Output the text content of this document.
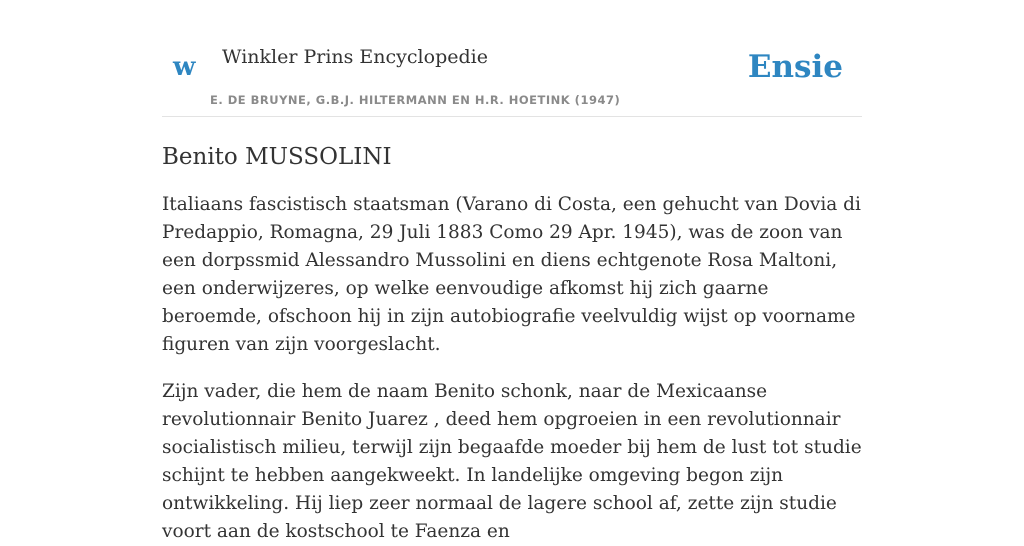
w Winkler Prins Encyclopedie
E. DE BRUYNE, G.B.J. HILTERMANN EN H.R. HOETINK (1947)
Ensie
Benito MUSSOLINI

Italiaans fascistisch staatsman (Varano di Costa, een gehucht van Dovia di Predappio, Romagna, 29 Juli 1883 Como 29 Apr. 1945), was de zoon van een dorpssmid Alessandro Mussolini en diens echtgenote Rosa Maltoni, een onderwijzeres, op welke eenvoudige afkomst hij zich gaarne beroemde, ofschoon hij in zijn autobiografie veelvuldig wijst op voorname figuren van zijn voorgeslacht.

Zijn vader, die hem de naam Benito schonk, naar de Mexicaanse revolutionnair Benito Juarez , deed hem opgroeien in een revolutionnair socialistisch milieu, terwijl zijn begaafde moeder bij hem de lust tot studie schijnt te hebben aangekweekt. In landelijke omgeving begon zijn ontwikkeling. Hij liep zeer normaal de lagere school af, zette zijn studie voort aan de kostschool te Faenza en
